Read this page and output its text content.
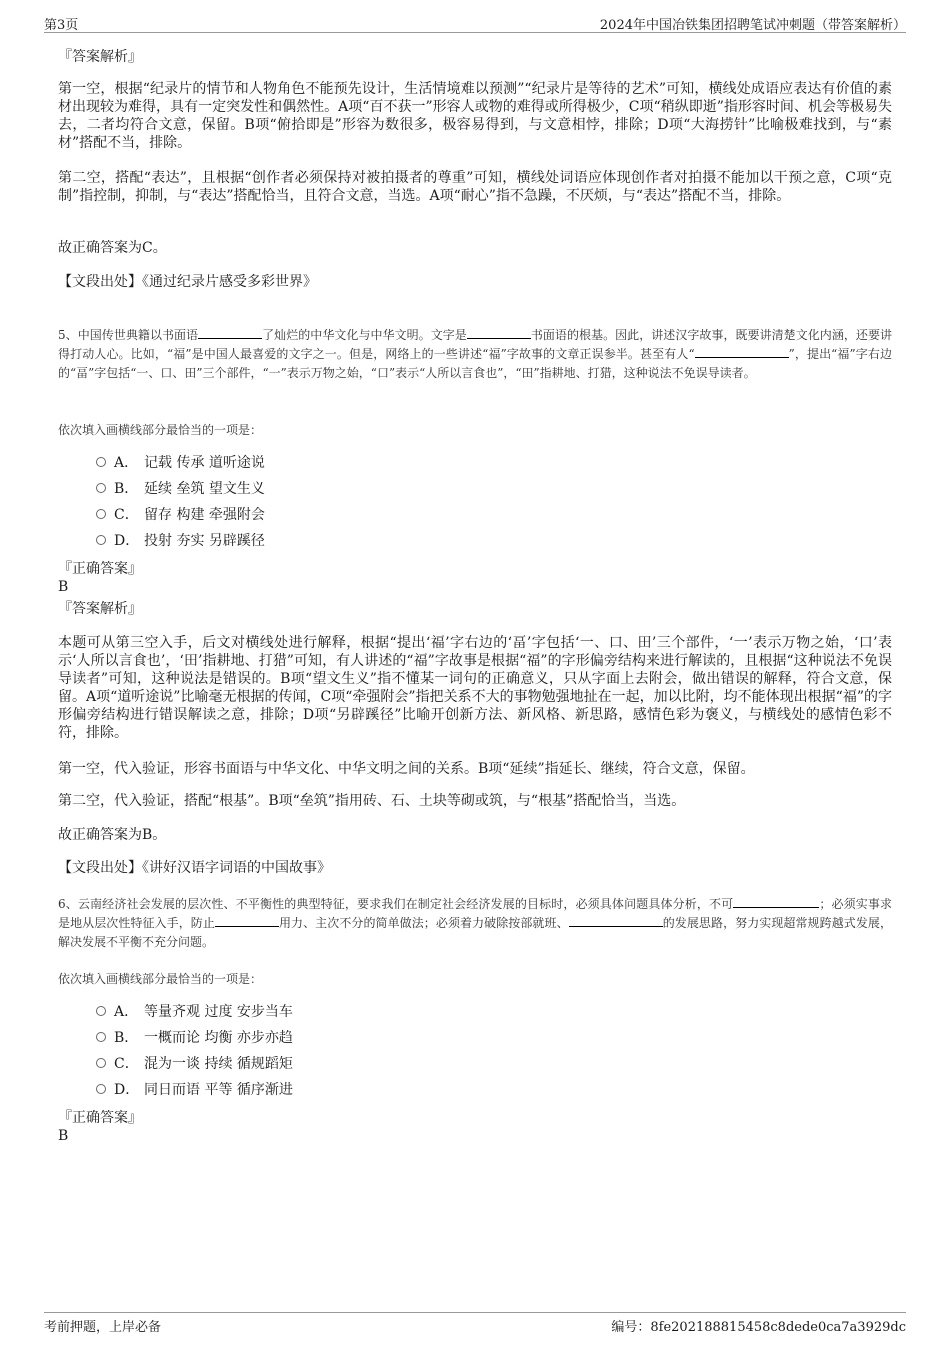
第3页	2024年中国冶铁集团招聘笔试冲刺题（带答案解析）

『答案解析』

第一空，根据“纪录片的情节和人物角色不能预先设计，生活情境难以预测”“纪录片是等待的艺术”可知，横线处成语应表达有价值的素材出现较为难得，具有一定突发性和偶然性。A项“百不获一”形容人或物的难得或所得极少，C项“稍纵即逝”指形容时间、机会等极易失去，二者均符合文意，保留。B项“俯拾即是”形容为数很多，极容易得到，与文意相悖，排除；D项“大海捞针”比喻极难找到，与“素材”搭配不当，排除。

第二空，搭配“表达”，且根据“创作者必须保持对被拍摄者的尊重”可知，横线处词语应体现创作者对拍摄不能加以干预之意，C项“克制”指控制，抑制，与“表达”搭配恰当，且符合文意，当选。A项“耐心”指不急躁，不厌烦，与“表达”搭配不当，排除。

故正确答案为C。

【文段出处】《通过纪录片感受多彩世界》

5、中国传世典籍以书面语	了灿烂的中华文化与中华文明。文字是	书面语的根基。因此，讲述汉字故事，既要讲清楚文化内涵，还要讲得打动人心。比如，“福”是中国人最喜爱的文字之一。但是，网络上的一些讲述“福”字故事的文章正误参半。甚至有人“	”，提出“福”字右边的“畐”字包括“一、口、田”三个部件，“一”表示万物之始，“口”表示“人所以言食也”，“田”指耕地、打猎，这种说法不免误导读者。

依次填入画横线部分最恰当的一项是：

A． 记载 传承 道听途说
B． 延续 垒筑 望文生义
C． 留存 构建 牵强附会
D． 投射 夯实 另辟蹊径

『正确答案』

B

『答案解析』

本题可从第三空入手，后文对横线处进行解释，根据“提出‘福’字右边的‘畐’字包括‘一、口、田’三个部件，‘一’表示万物之始，‘口’表示‘人所以言食也’，‘田’指耕地、打猎”可知，有人讲述的“福”字故事是根据“福”的字形偏旁结构来进行解读的，且根据“这种说法不免误导读者”可知，这种说法是错误的。B项“望文生义”指不懂某一词句的正确意义，只从字面上去附会，做出错误的解释，符合文意，保留。A项“道听途说”比喻毫无根据的传闻，C项“牵强附会”指把关系不大的事物勉强地扯在一起，加以比附，均不能体现出根据“福”的字形偏旁结构进行错误解读之意，排除；D项“另辟蹊径”比喻开创新方法、新风格、新思路，感情色彩为褒义，与横线处的感情色彩不符，排除。

第一空，代入验证，形容书面语与中华文化、中华文明之间的关系。B项“延续”指延长、继续，符合文意，保留。

第二空，代入验证，搭配“根基”。B项“垒筑”指用砖、石、土块等砌或筑，与“根基”搭配恰当，当选。

故正确答案为B。

【文段出处】《讲好汉语字词语的中国故事》

6、云南经济社会发展的层次性、不平衡性的典型特征，要求我们在制定社会经济发展的目标时，必须具体问题具体分析，不可	；必须实事求是地从层次性特征入手，防止	用力、主次不分的简单做法；必须着力破除按部就班、	的发展思路，努力实现超常规跨越式发展，解决发展不平衡不充分问题。

依次填入画横线部分最恰当的一项是：

A． 等量齐观 过度 安步当车
B． 一概而论 均衡 亦步亦趋
C． 混为一谈 持续 循规蹈矩
D． 同日而语 平等 循序渐进

『正确答案』

B

考前押题，上岸必备	编号：8fe202188815458c8dede0ca7a3929dc
